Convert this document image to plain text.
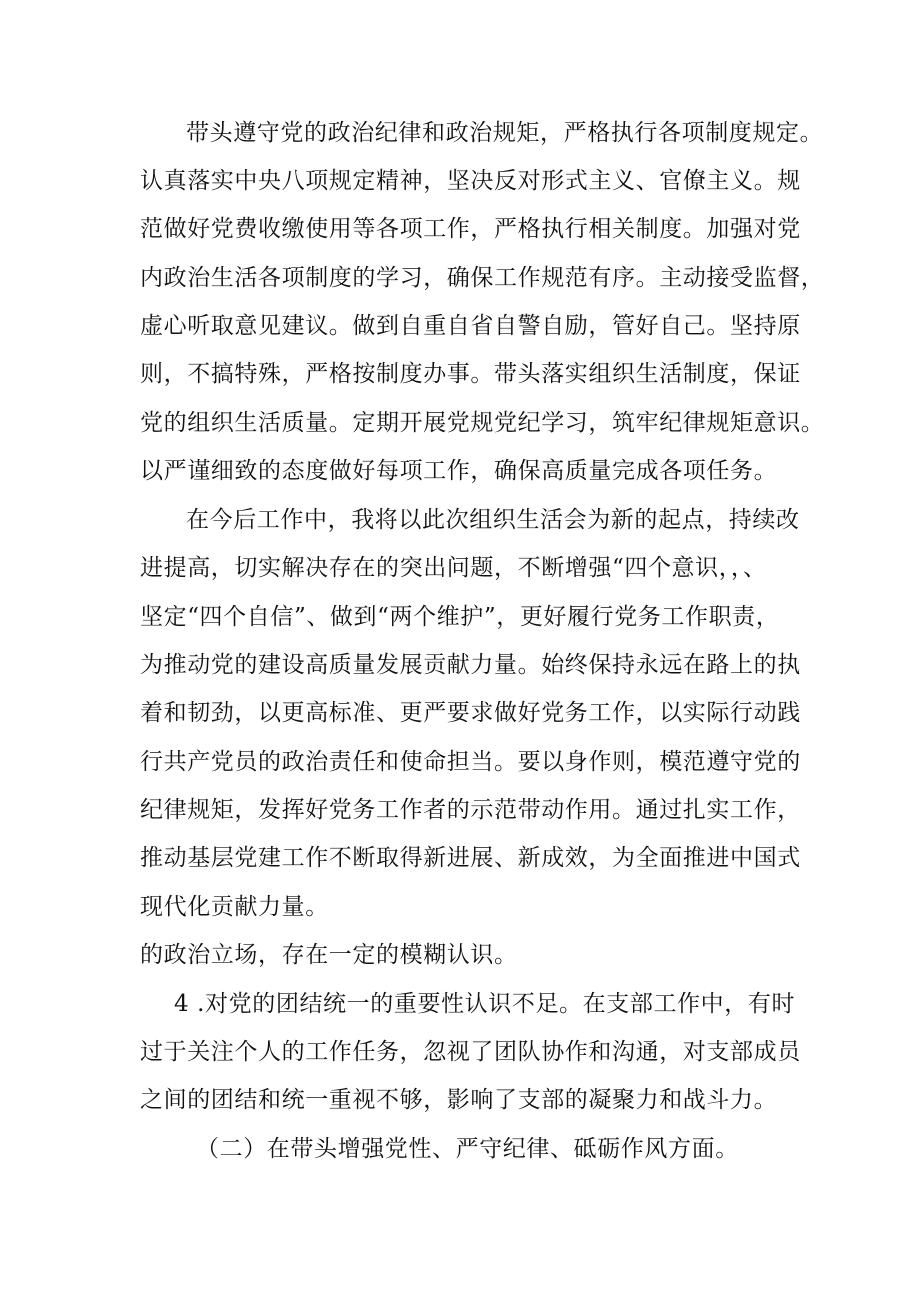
带头遵守党的政治纪律和政治规矩，严格执行各项制度规定。
认真落实中央八项规定精神，坚决反对形式主义、官僚主义。规
范做好党费收缴使用等各项工作，严格执行相关制度。加强对党
内政治生活各项制度的学习，确保工作规范有序。主动接受监督，
虚心听取意见建议。做到自重自省自警自励，管好自己。坚持原
则，不搞特殊，严格按制度办事。带头落实组织生活制度，保证
党的组织生活质量。定期开展党规党纪学习，筑牢纪律规矩意识。
以严谨细致的态度做好每项工作，确保高质量完成各项任务。
在今后工作中，我将以此次组织生活会为新的起点，持续改
进提高，切实解决存在的突出问题，不断增强“四个意识，，、
坚定“四个自信”、做到“两个维护”，更好履行党务工作职责，
为推动党的建设高质量发展贡献力量。始终保持永远在路上的执
着和韧劲，以更高标准、更严要求做好党务工作，以实际行动践
行共产党员的政治责任和使命担当。要以身作则，模范遵守党的
纪律规矩，发挥好党务工作者的示范带动作用。通过扎实工作，
推动基层党建工作不断取得新进展、新成效，为全面推进中国式
现代化贡献力量。
的政治立场，存在一定的模糊认识。
4 .对党的团结统一的重要性认识不足。在支部工作中，有时
过于关注个人的工作任务，忽视了团队协作和沟通，对支部成员
之间的团结和统一重视不够，影响了支部的凝聚力和战斗力。
（二）在带头增强党性、严守纪律、砥砺作风方面。
